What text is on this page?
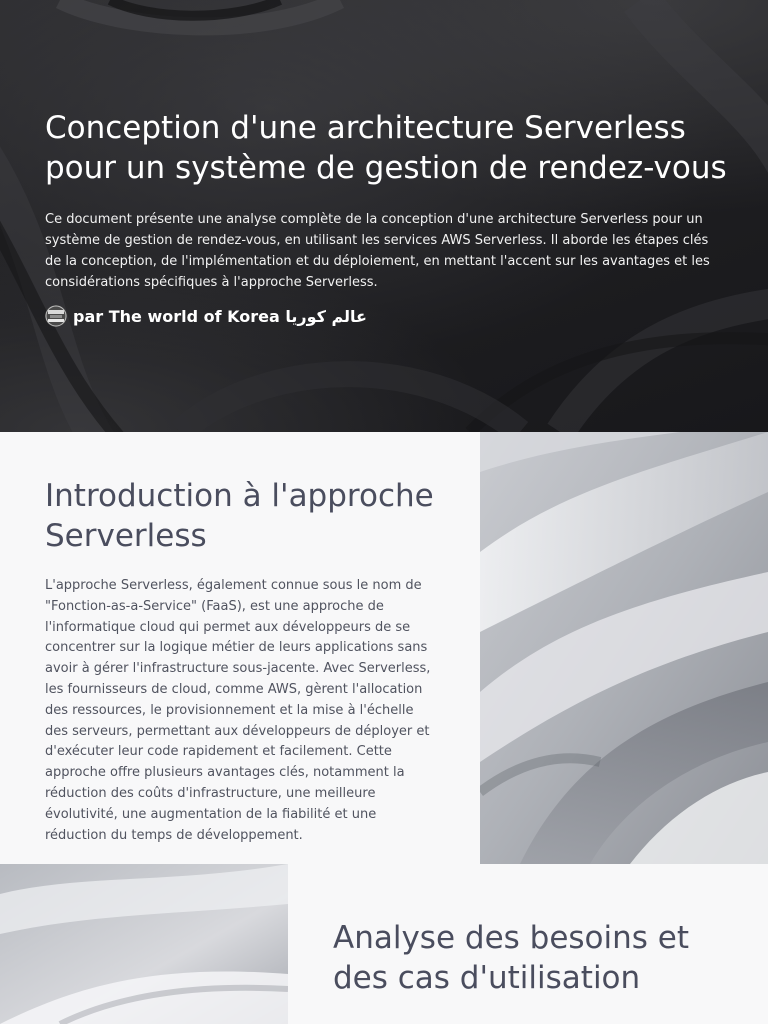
Conception d'une architecture Serverless pour un système de gestion de rendez-vous

Ce document présente une analyse complète de la conception d'une architecture Serverless pour un système de gestion de rendez-vous, en utilisant les services AWS Serverless. Il aborde les étapes clés de la conception, de l'implémentation et du déploiement, en mettant l'accent sur les avantages et les considérations spécifiques à l'approche Serverless.

par The world of Korea عالم كوريا
Introduction à l'approche Serverless

L'approche Serverless, également connue sous le nom de "Fonction-as-a-Service" (FaaS), est une approche de l'informatique cloud qui permet aux développeurs de se concentrer sur la logique métier de leurs applications sans avoir à gérer l'infrastructure sous-jacente. Avec Serverless, les fournisseurs de cloud, comme AWS, gèrent l'allocation des ressources, le provisionnement et la mise à l'échelle des serveurs, permettant aux développeurs de déployer et d'exécuter leur code rapidement et facilement. Cette approche offre plusieurs avantages clés, notamment la réduction des coûts d'infrastructure, une meilleure évolutivité, une augmentation de la fiabilité et une réduction du temps de développement.

Analyse des besoins et des cas d'utilisation
